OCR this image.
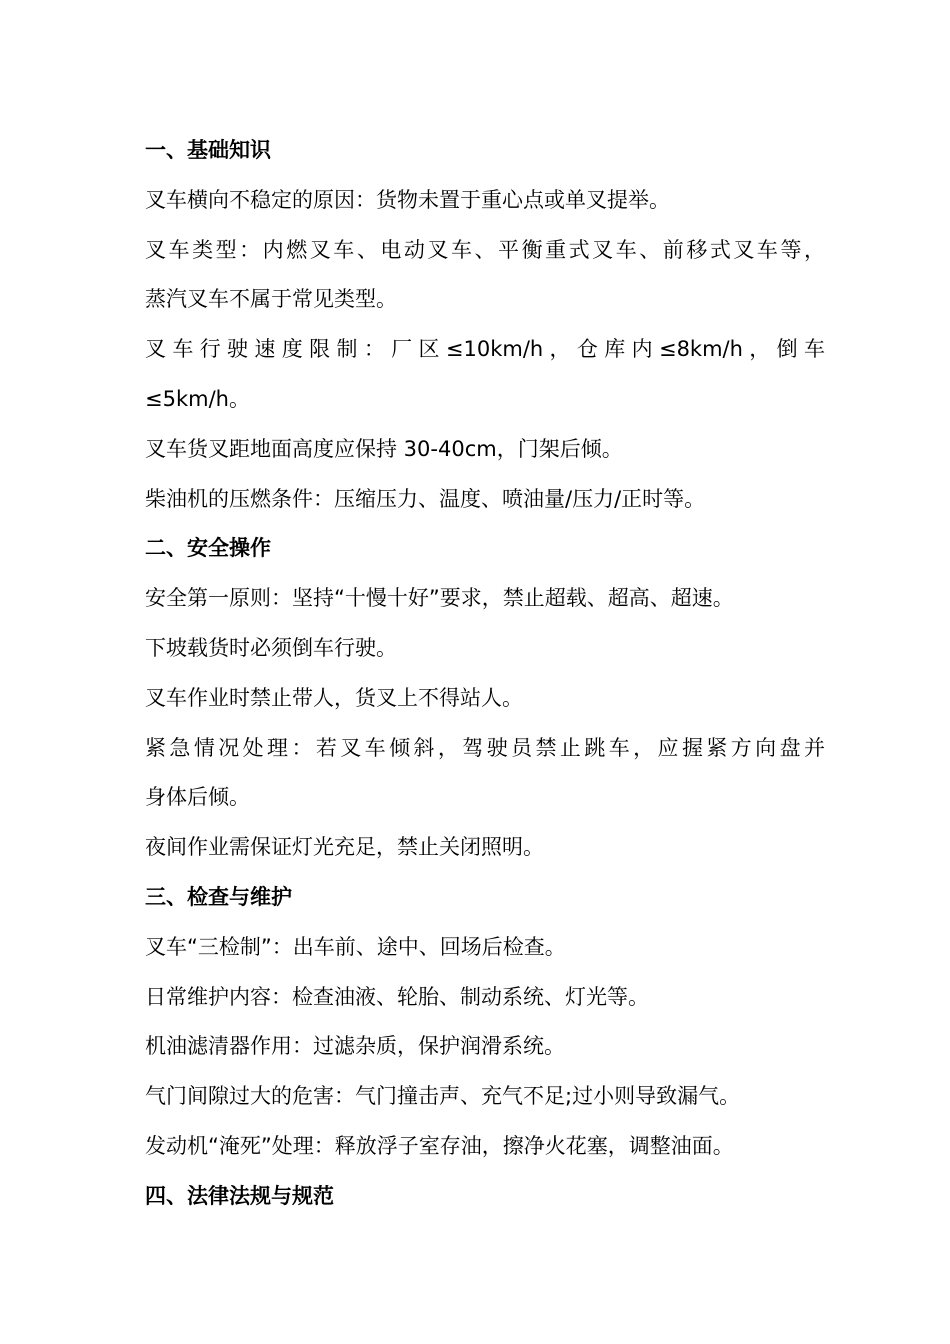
一、基础知识
叉车横向不稳定的原因：货物未置于重心点或单叉提举。
叉车类型：内燃叉车、电动叉车、平衡重式叉车、前移式叉车等，
蒸汽叉车不属于常见类型。
叉车行驶速度限制：厂区≤10km/h，仓库内≤8km/h，倒车
≤5km/h。
叉车货叉距地面高度应保持 30-40cm，门架后倾。
柴油机的压燃条件：压缩压力、温度、喷油量/压力/正时等。
二、安全操作
安全第一原则：坚持“十慢十好”要求，禁止超载、超高、超速。
下坡载货时必须倒车行驶。
叉车作业时禁止带人，货叉上不得站人。
紧急情况处理：若叉车倾斜，驾驶员禁止跳车，应握紧方向盘并
身体后倾。
夜间作业需保证灯光充足，禁止关闭照明。
三、检查与维护
叉车“三检制”：出车前、途中、回场后检查。
日常维护内容：检查油液、轮胎、制动系统、灯光等。
机油滤清器作用：过滤杂质，保护润滑系统。
气门间隙过大的危害：气门撞击声、充气不足;过小则导致漏气。
发动机“淹死”处理：释放浮子室存油，擦净火花塞，调整油面。
四、法律法规与规范
